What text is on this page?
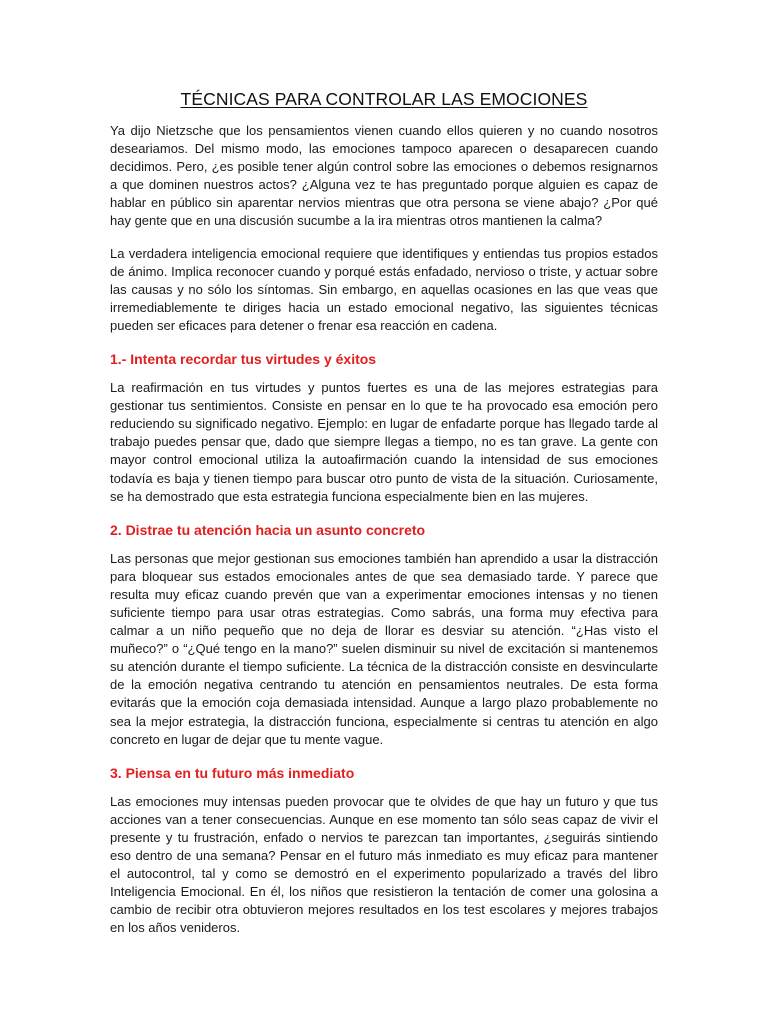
TÉCNICAS PARA CONTROLAR LAS EMOCIONES

Ya dijo Nietzsche que los pensamientos vienen cuando ellos quieren y no cuando nosotros deseariamos. Del mismo modo, las emociones tampoco aparecen o desaparecen cuando decidimos. Pero, ¿es posible tener algún control sobre las emociones o debemos resignarnos a que dominen nuestros actos? ¿Alguna vez te has preguntado porque alguien es capaz de hablar en público sin aparentar nervios mientras que otra persona se viene abajo? ¿Por qué hay gente que en una discusión sucumbe a la ira mientras otros mantienen la calma?

La verdadera inteligencia emocional requiere que identifiques y entiendas tus propios estados de ánimo. Implica reconocer cuando y porqué estás enfadado, nervioso o triste, y actuar sobre las causas y no sólo los síntomas. Sin embargo, en aquellas ocasiones en las que veas que irremediablemente te diriges hacia un estado emocional negativo, las siguientes técnicas pueden ser eficaces para detener o frenar esa reacción en cadena.

1.- Intenta recordar tus virtudes y éxitos

La reafirmación en tus virtudes y puntos fuertes es una de las mejores estrategias para gestionar tus sentimientos. Consiste en pensar en lo que te ha provocado esa emoción pero reduciendo su significado negativo. Ejemplo: en lugar de enfadarte porque has llegado tarde al trabajo puedes pensar que, dado que siempre llegas a tiempo, no es tan grave. La gente con mayor control emocional utiliza la autoafirmación cuando la intensidad de sus emociones todavía es baja y tienen tiempo para buscar otro punto de vista de la situación. Curiosamente, se ha demostrado que esta estrategia funciona especialmente bien en las mujeres.

2. Distrae tu atención hacia un asunto concreto

Las personas que mejor gestionan sus emociones también han aprendido a usar la distracción para bloquear sus estados emocionales antes de que sea demasiado tarde. Y parece que resulta muy eficaz cuando prevén que van a experimentar emociones intensas y no tienen suficiente tiempo para usar otras estrategias. Como sabrás, una forma muy efectiva para calmar a un niño pequeño que no deja de llorar es desviar su atención. “¿Has visto el muñeco?” o “¿Qué tengo en la mano?” suelen disminuir su nivel de excitación si mantenemos su atención durante el tiempo suficiente. La técnica de la distracción consiste en desvincularte de la emoción negativa centrando tu atención en pensamientos neutrales. De esta forma evitarás que la emoción coja demasiada intensidad. Aunque a largo plazo probablemente no sea la mejor estrategia, la distracción funciona, especialmente si centras tu atención en algo concreto en lugar de dejar que tu mente vague.

3. Piensa en tu futuro más inmediato

Las emociones muy intensas pueden provocar que te olvides de que hay un futuro y que tus acciones van a tener consecuencias. Aunque en ese momento tan sólo seas capaz de vivir el presente y tu frustración, enfado o nervios te parezcan tan importantes, ¿seguirás sintiendo eso dentro de una semana? Pensar en el futuro más inmediato es muy eficaz para mantener el autocontrol, tal y como se demostró en el experimento popularizado a través del libro Inteligencia Emocional. En él, los niños que resistieron la tentación de comer una golosina a cambio de recibir otra obtuvieron mejores resultados en los test escolares y mejores trabajos en los años venideros.
